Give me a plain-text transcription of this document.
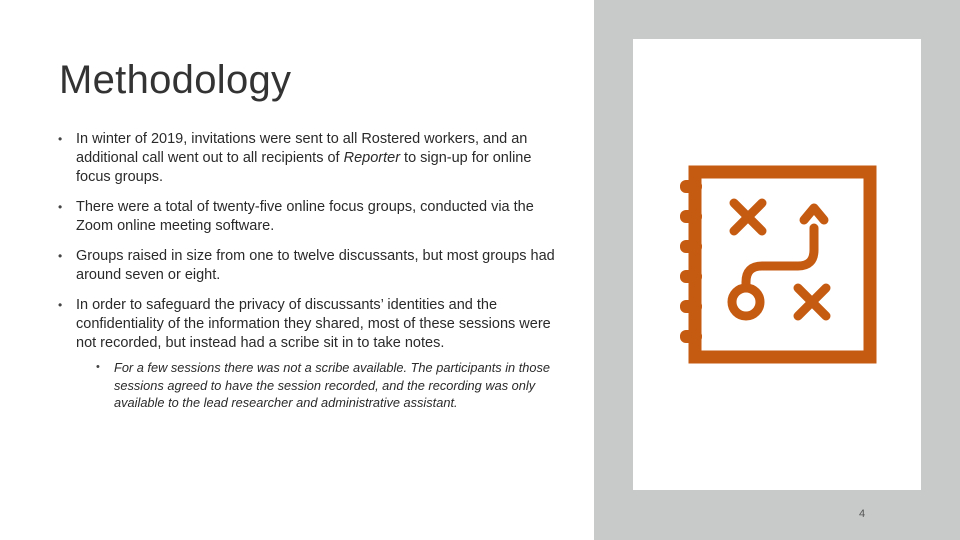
Methodology
• In winter of 2019, invitations were sent to all Rostered workers, and an additional call went out to all recipients of Reporter to sign-up for online focus groups.
• There were a total of twenty-five online focus groups, conducted via the Zoom online meeting software.
• Groups raised in size from one to twelve discussants, but most groups had around seven or eight.
• In order to safeguard the privacy of discussants’ identities and the confidentiality of the information they shared, most of these sessions were not recorded, but instead had a scribe sit in to take notes.
• For a few sessions there was not a scribe available. The participants in those sessions agreed to have the session recorded, and the recording was only available to the lead researcher and administrative assistant.
4
